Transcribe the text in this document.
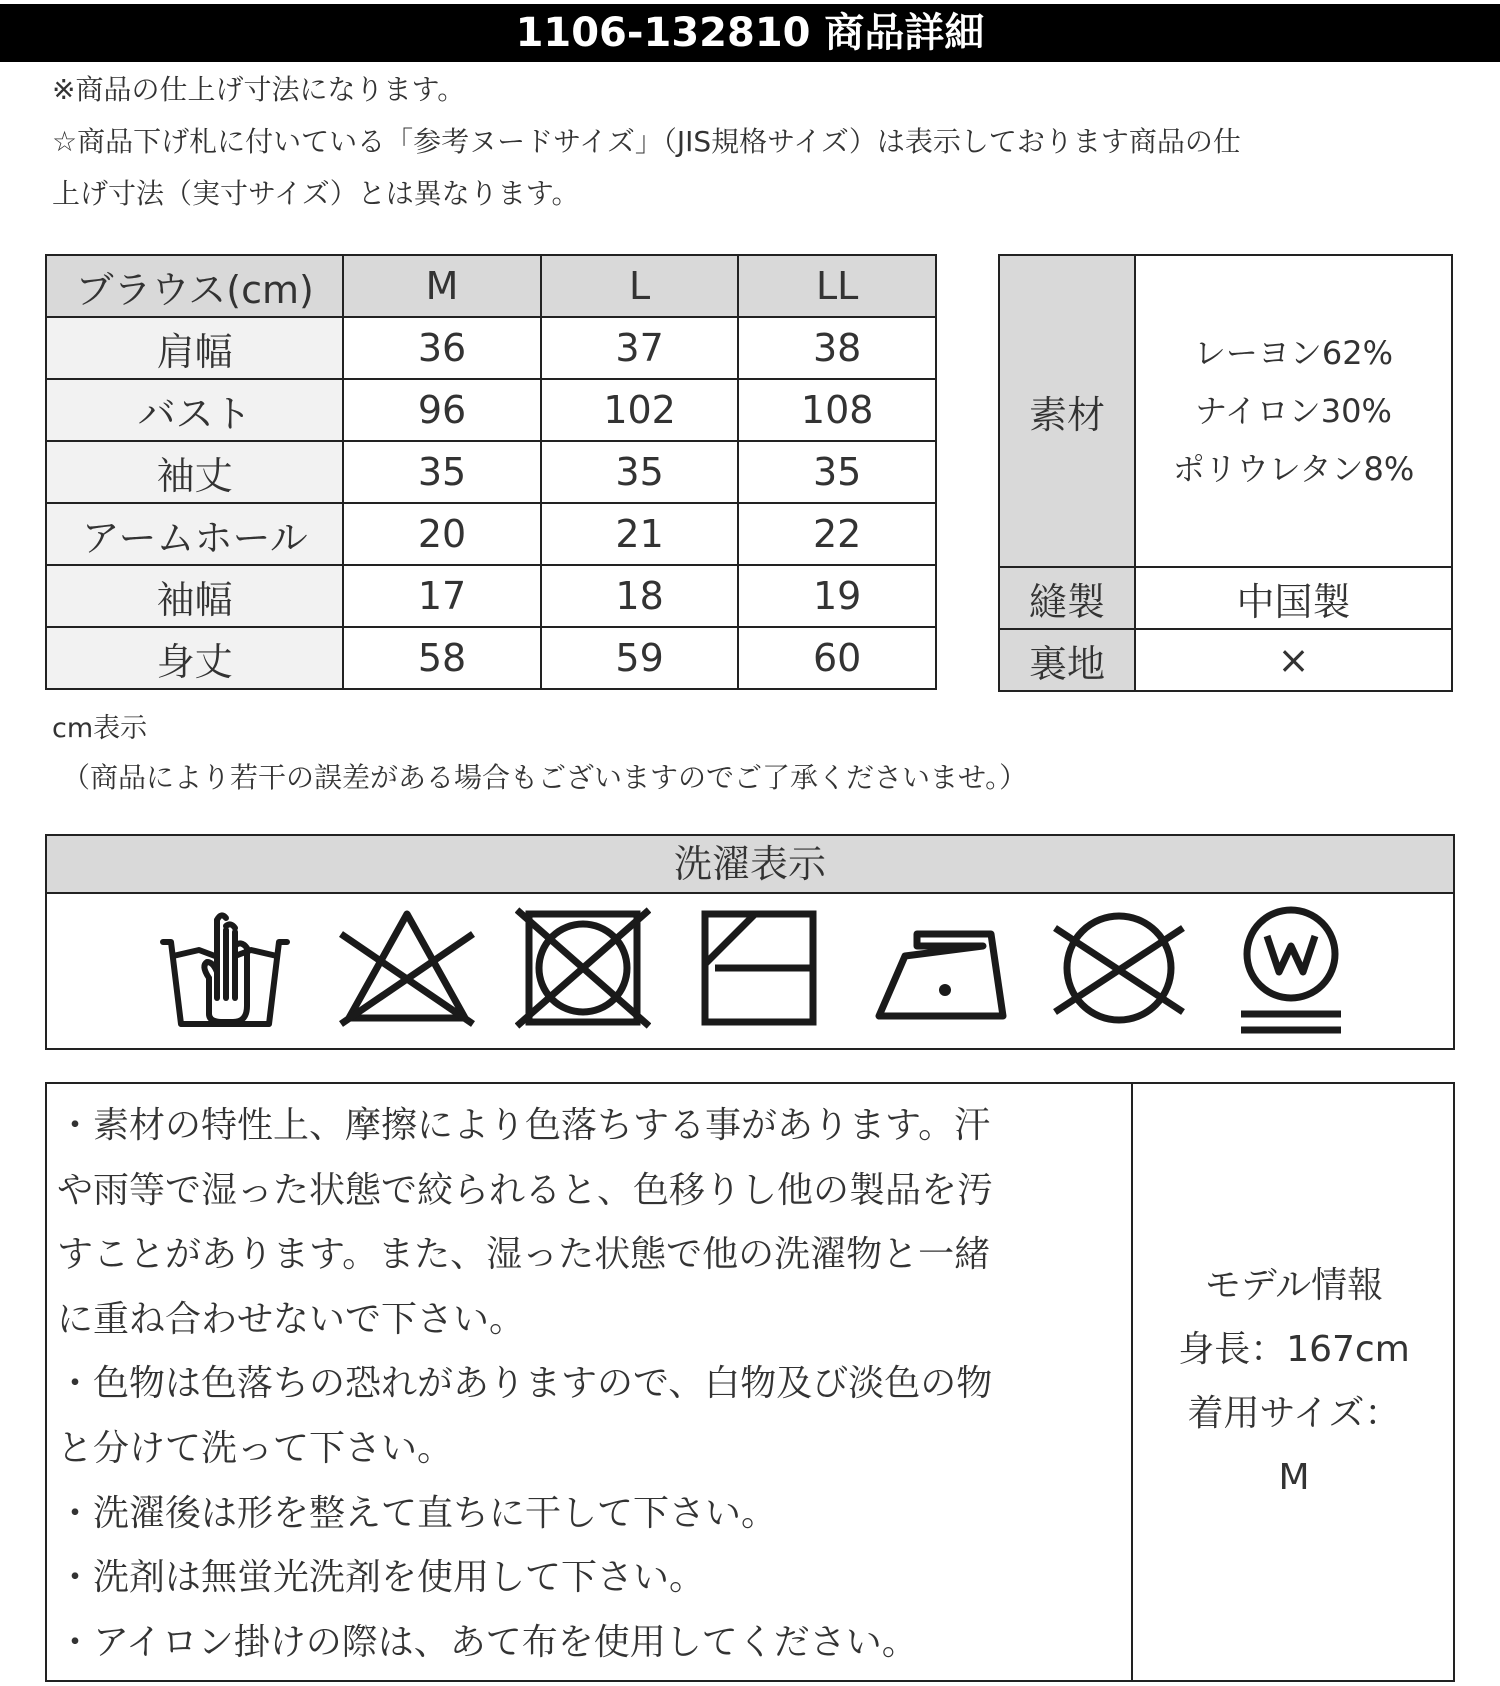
1106-132810 商品詳細
※商品の仕上げ寸法になります。
☆商品下げ札に付いている「参考ヌードサイズ」（JIS規格サイズ）は表示しております商品の仕
上げ寸法（実寸サイズ）とは異なります。
ブラウス(cm)	M	L	LL
肩幅	36	37	38
バスト	96	102	108
袖丈	35	35	35
アームホール	20	21	22
袖幅	17	18	19
身丈	58	59	60
素材	レーヨン62%
ナイロン30%
ポリウレタン8%

縫製	中国製
裏地	×
cm表示
（商品により若干の誤差がある場合もございますのでご了承くださいませ。）
洗濯表示
・素材の特性上、摩擦により色落ちする事があります。汗
や雨等で湿った状態で絞られると、色移りし他の製品を汚
すことがあります。また、湿った状態で他の洗濯物と一緒
に重ね合わせないで下さい。
・色物は色落ちの恐れがありますので、白物及び淡色の物
と分けて洗って下さい。
・洗濯後は形を整えて直ちに干して下さい。
・洗剤は無蛍光洗剤を使用して下さい。
・アイロン掛けの際は、あて布を使用してください。
モデル情報
身長：167cm
着用サイズ：
M
